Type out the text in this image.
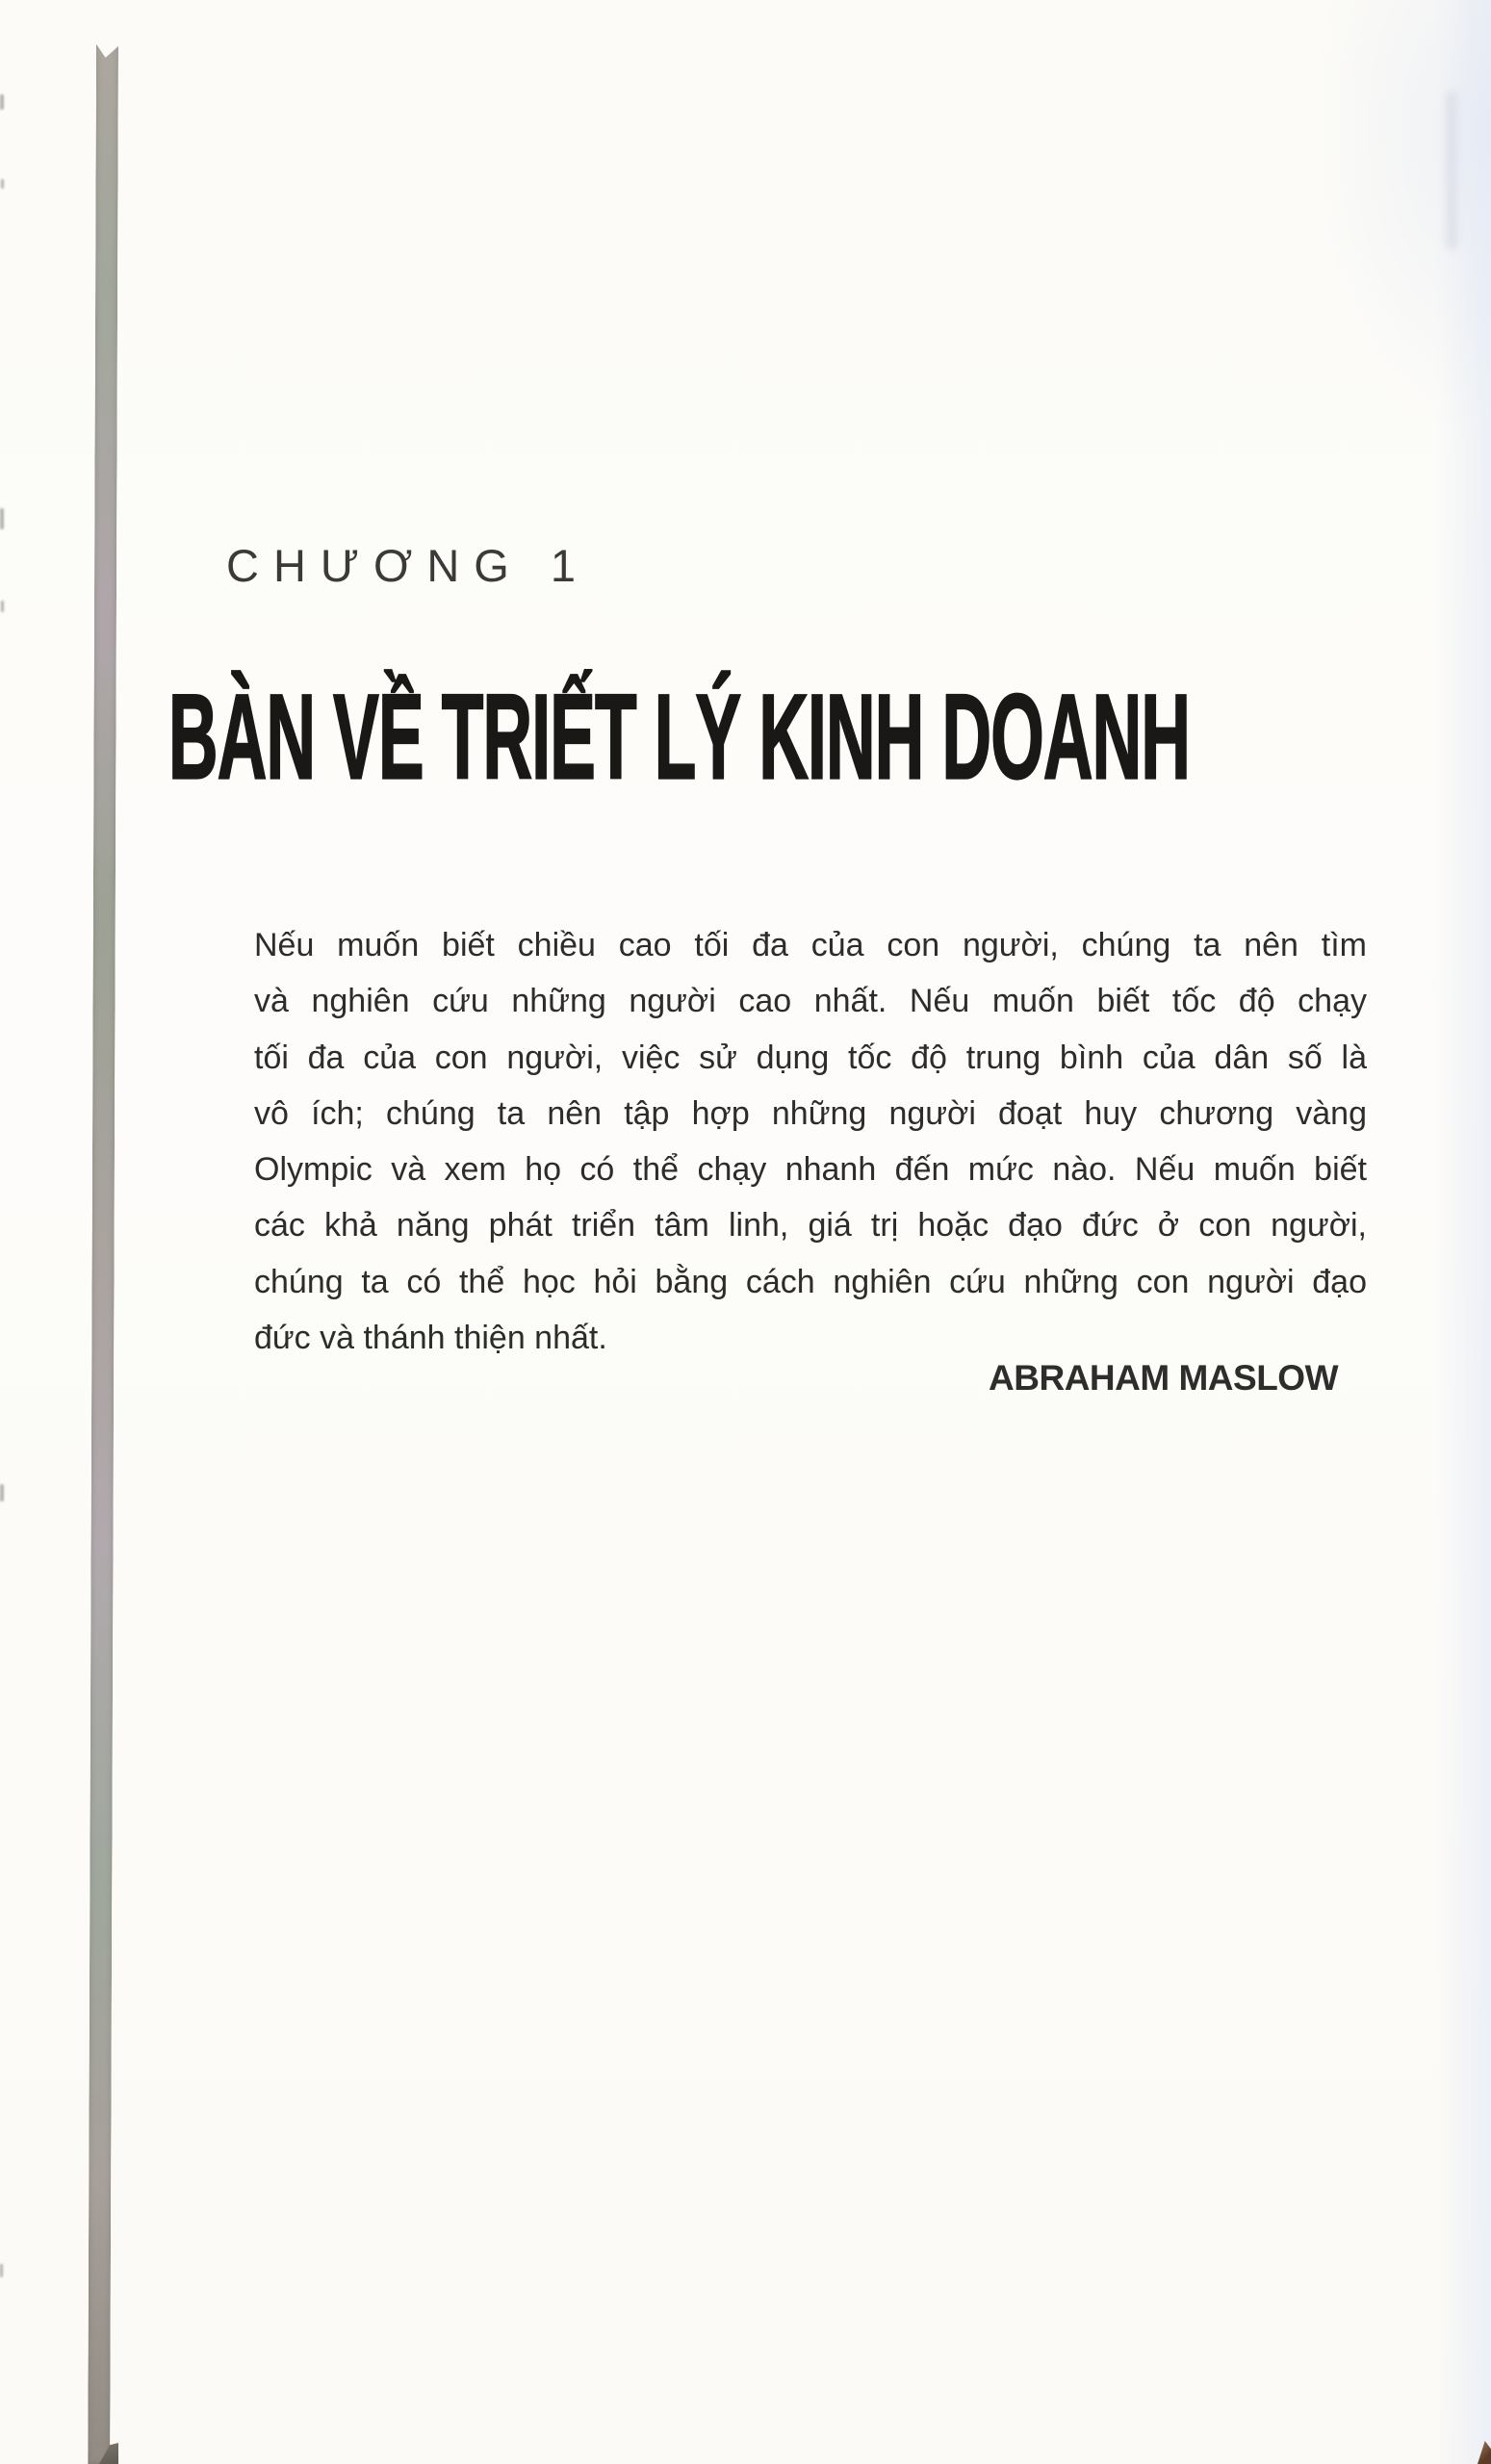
CHƯƠNG 1
BÀN VỀ TRIẾT LÝ KINH DOANH
Nếu muốn biết chiều cao tối đa của con người, chúng ta nên tìm
và nghiên cứu những người cao nhất. Nếu muốn biết tốc độ chạy
tối đa của con người, việc sử dụng tốc độ trung bình của dân số là
vô ích; chúng ta nên tập hợp những người đoạt huy chương vàng
Olympic và xem họ có thể chạy nhanh đến mức nào. Nếu muốn biết
các khả năng phát triển tâm linh, giá trị hoặc đạo đức ở con người,
chúng ta có thể học hỏi bằng cách nghiên cứu những con người đạo
đức và thánh thiện nhất.
ABRAHAM MASLOW
